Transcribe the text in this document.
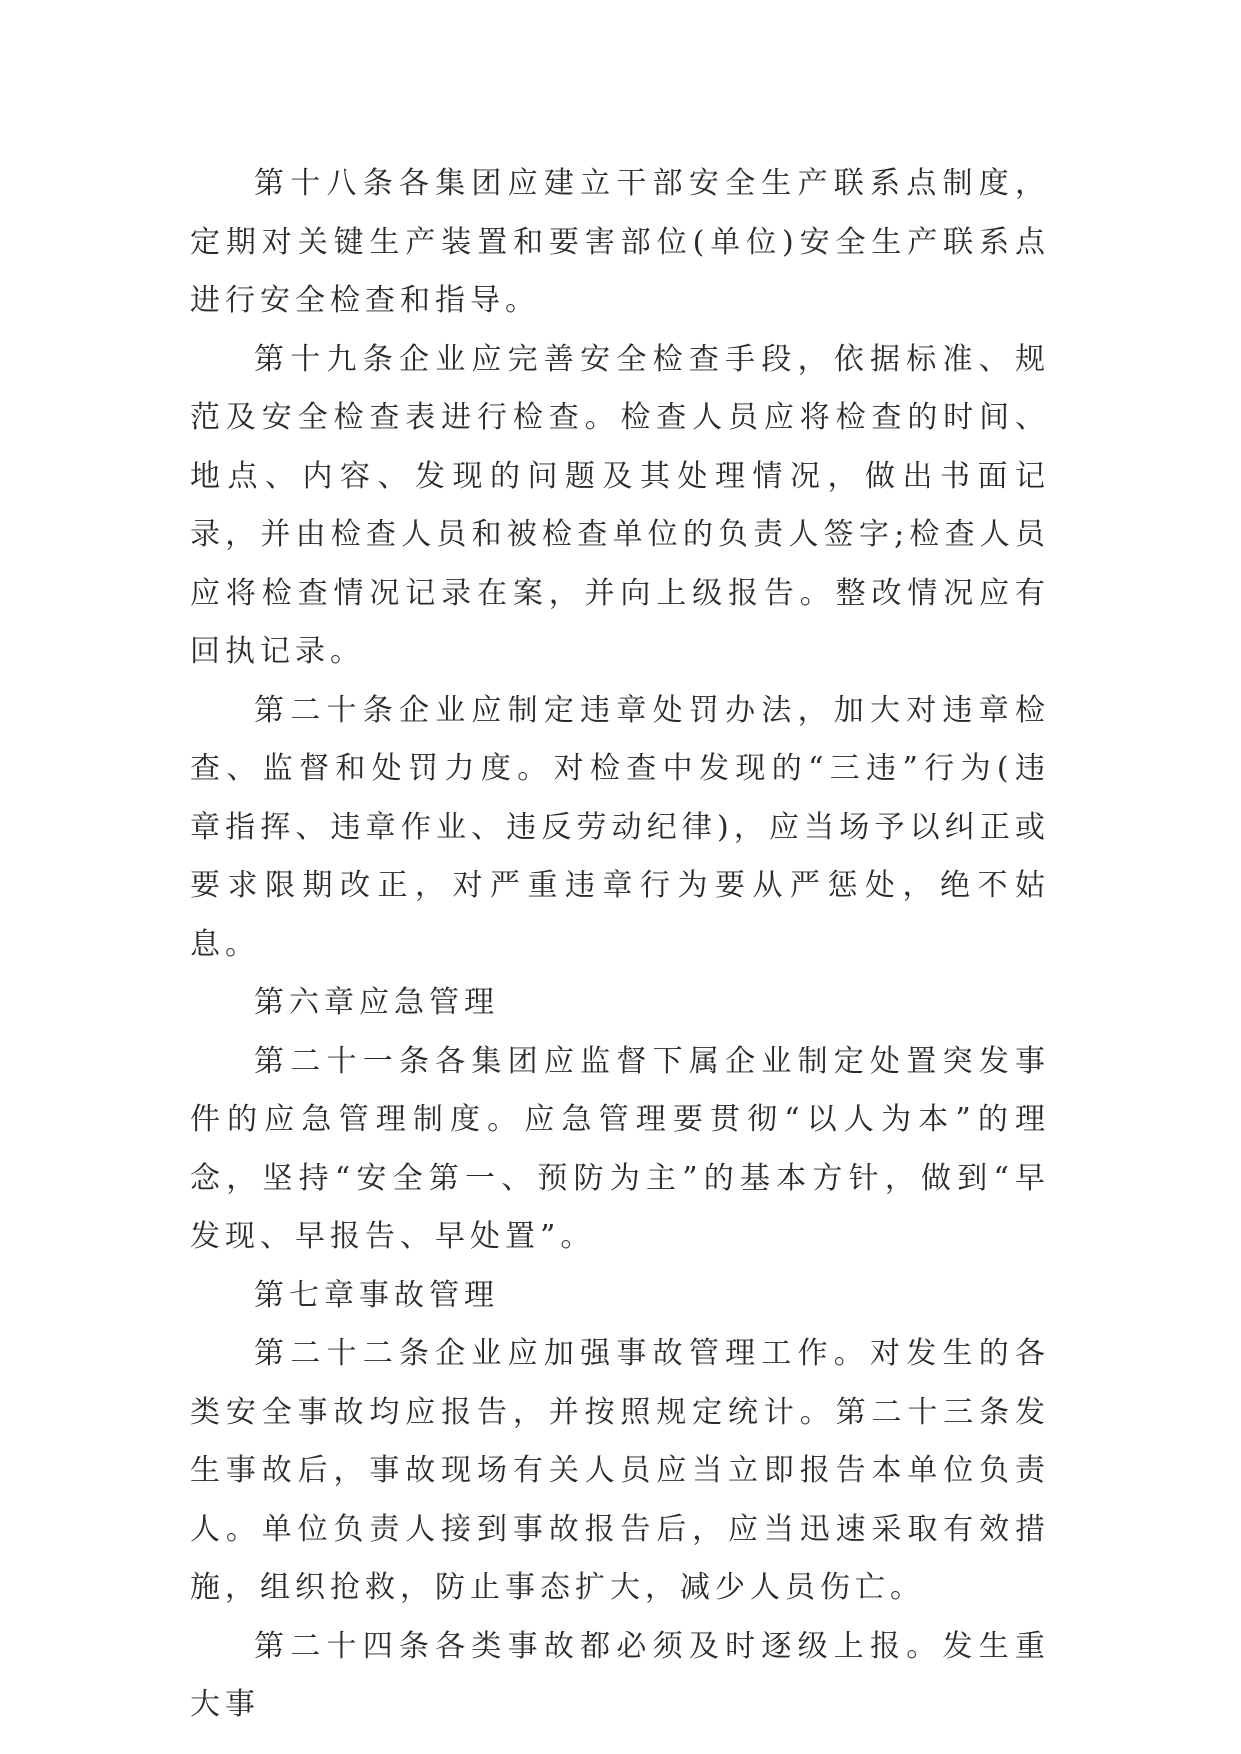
第十八条各集团应建立干部安全生产联系点制度，定期对关键生产装置和要害部位(单位)安全生产联系点进行安全检查和指导。

第十九条企业应完善安全检查手段，依据标准、规范及安全检查表进行检查。检查人员应将检查的时间、地点、内容、发现的问题及其处理情况，做出书面记录，并由检查人员和被检查单位的负责人签字;检查人员应将检查情况记录在案，并向上级报告。整改情况应有回执记录。

第二十条企业应制定违章处罚办法，加大对违章检查、监督和处罚力度。对检查中发现的“三违”行为(违章指挥、违章作业、违反劳动纪律)，应当场予以纠正或要求限期改正，对严重违章行为要从严惩处，绝不姑息。

第六章应急管理

第二十一条各集团应监督下属企业制定处置突发事件的应急管理制度。应急管理要贯彻“以人为本”的理念，坚持“安全第一、预防为主”的基本方针，做到“早发现、早报告、早处置”。

第七章事故管理

第二十二条企业应加强事故管理工作。对发生的各类安全事故均应报告，并按照规定统计。第二十三条发生事故后，事故现场有关人员应当立即报告本单位负责人。单位负责人接到事故报告后，应当迅速采取有效措施，组织抢救，防止事态扩大，减少人员伤亡。

第二十四条各类事故都必须及时逐级上报。发生重大事
